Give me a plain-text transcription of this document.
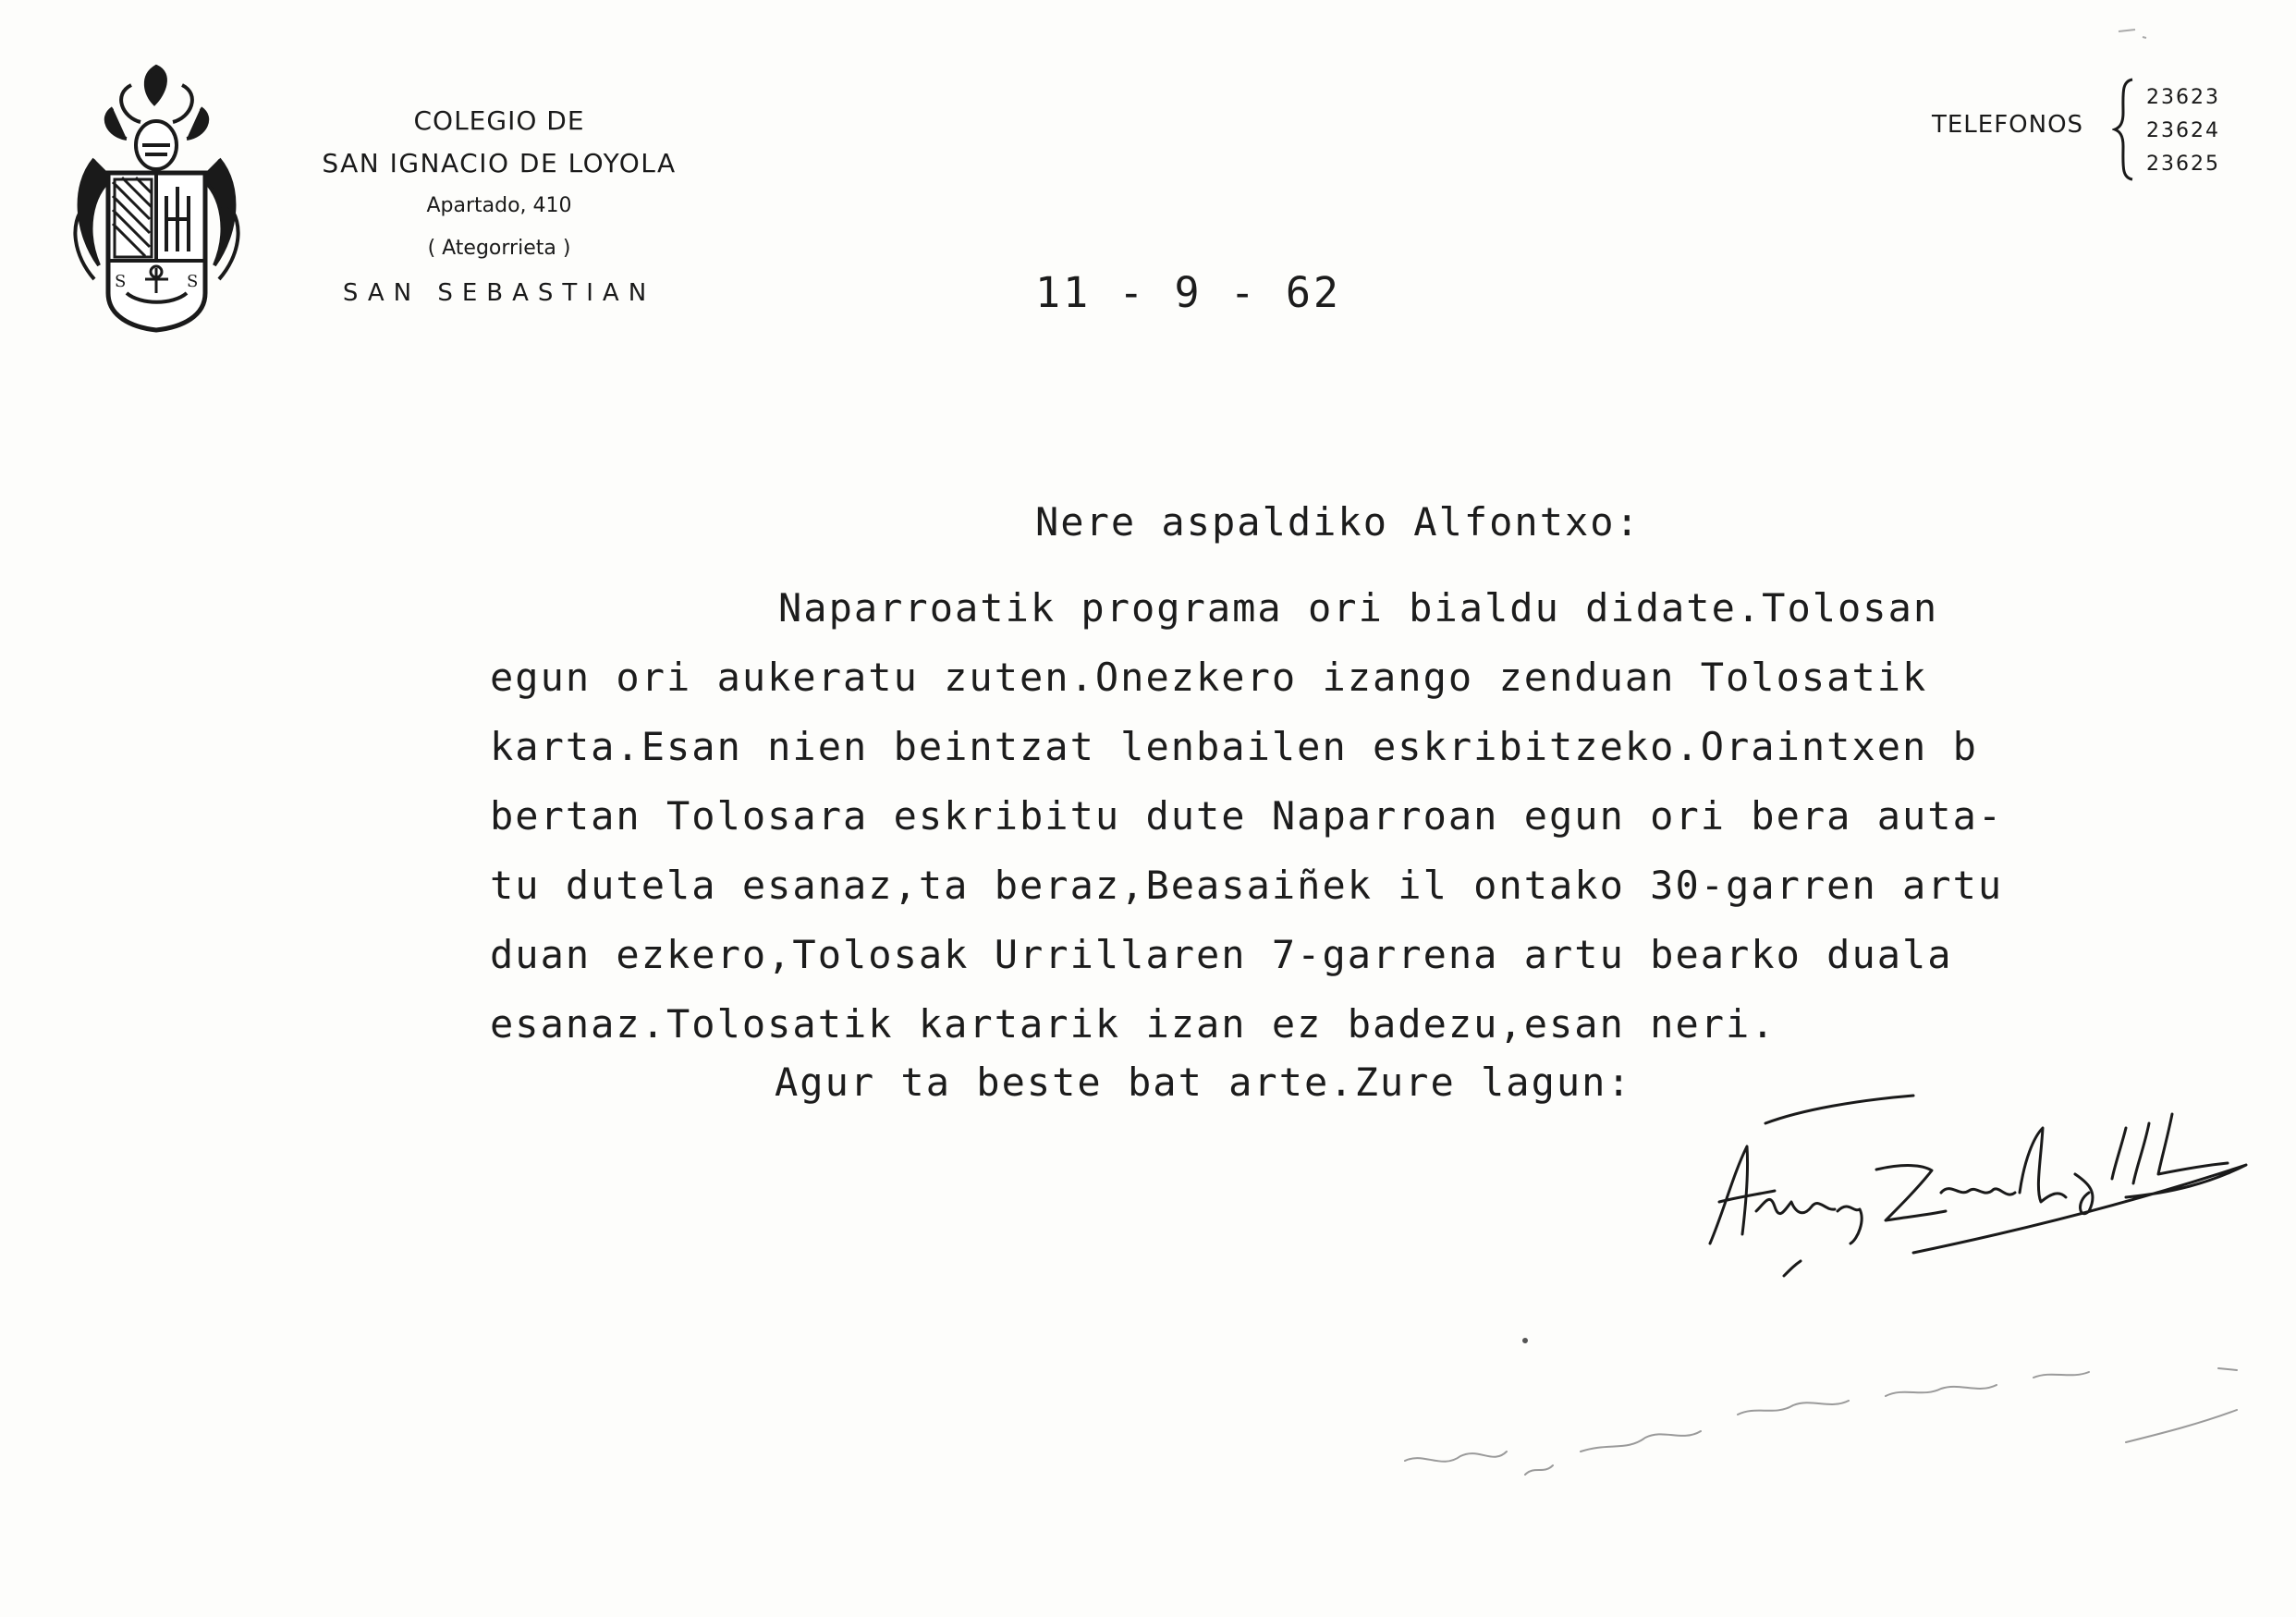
S	S
COLEGIO DE
SAN IGNACIO DE LOYOLA
Apartado, 410
( Ategorrieta )
SAN SEBASTIAN
TELEFONOS
23623
23624
23625
11 - 9 - 62
Nere aspaldiko Alfontxo:
Naparroatik programa ori bialdu didate.Tolosan
egun ori aukeratu zuten.Onezkero izango zenduan Tolosatik
karta.Esan nien beintzat lenbailen eskribitzeko.Oraintxen b
bertan Tolosara eskribitu dute Naparroan egun ori bera auta-
tu dutela esanaz,ta beraz,Beasaiñek il ontako 30-garren artu
duan ezkero,Tolosak Urrillaren 7-garrena artu bearko duala
esanaz.Tolosatik kartarik izan ez badezu,esan neri.
Agur ta beste bat arte.Zure lagun:
